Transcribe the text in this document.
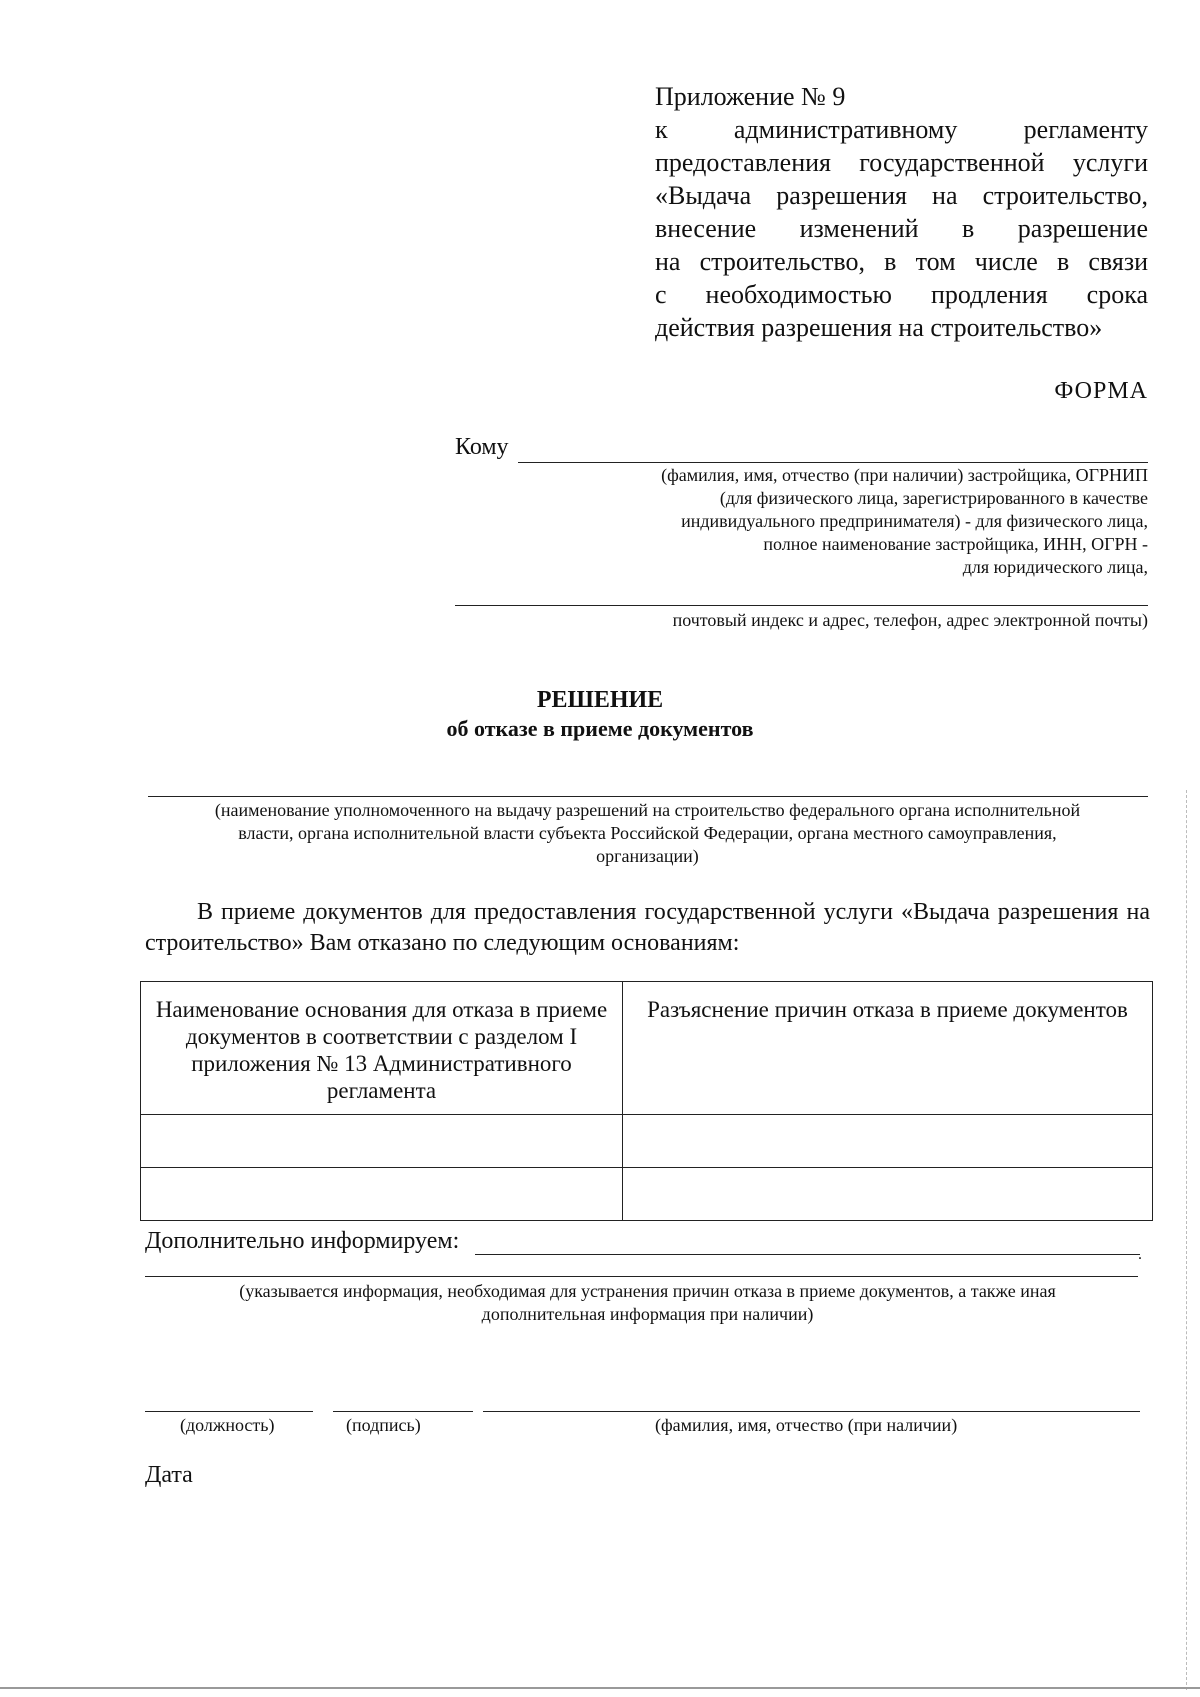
Приложение № 9
к административному регламенту
предоставления государственной услуги
«Выдача разрешения на строительство,
внесение изменений в разрешение
на строительство, в том числе в связи
с необходимостью продления срока
действия разрешения на строительство»
ФОРМА
Кому
(фамилия, имя, отчество (при наличии) застройщика, ОГРНИП
(для физического лица, зарегистрированного в качестве
индивидуального предпринимателя) - для физического лица,
полное наименование застройщика, ИНН, ОГРН -
для юридического лица,
почтовый индекс и адрес, телефон, адрес электронной почты)
РЕШЕНИЕ
об отказе в приеме документов
(наименование уполномоченного на выдачу разрешений на строительство федерального органа исполнительной
власти, органа исполнительной власти субъекта Российской Федерации, органа местного самоуправления,
организации)
В приеме документов для предоставления государственной услуги «Выдача разрешения на
строительство» Вам отказано по следующим основаниям:
Наименование основания для отказа в приеме документов в соответствии с разделом I приложения № 13 Административного регламента	Разъяснение причин отказа в приеме документов

Дополнительно информируем:
.
(указывается информация, необходимая для устранения причин отказа в приеме документов, а также иная
дополнительная информация при наличии)
(должность)	(подпись)	(фамилия, имя, отчество (при наличии)
Дата
